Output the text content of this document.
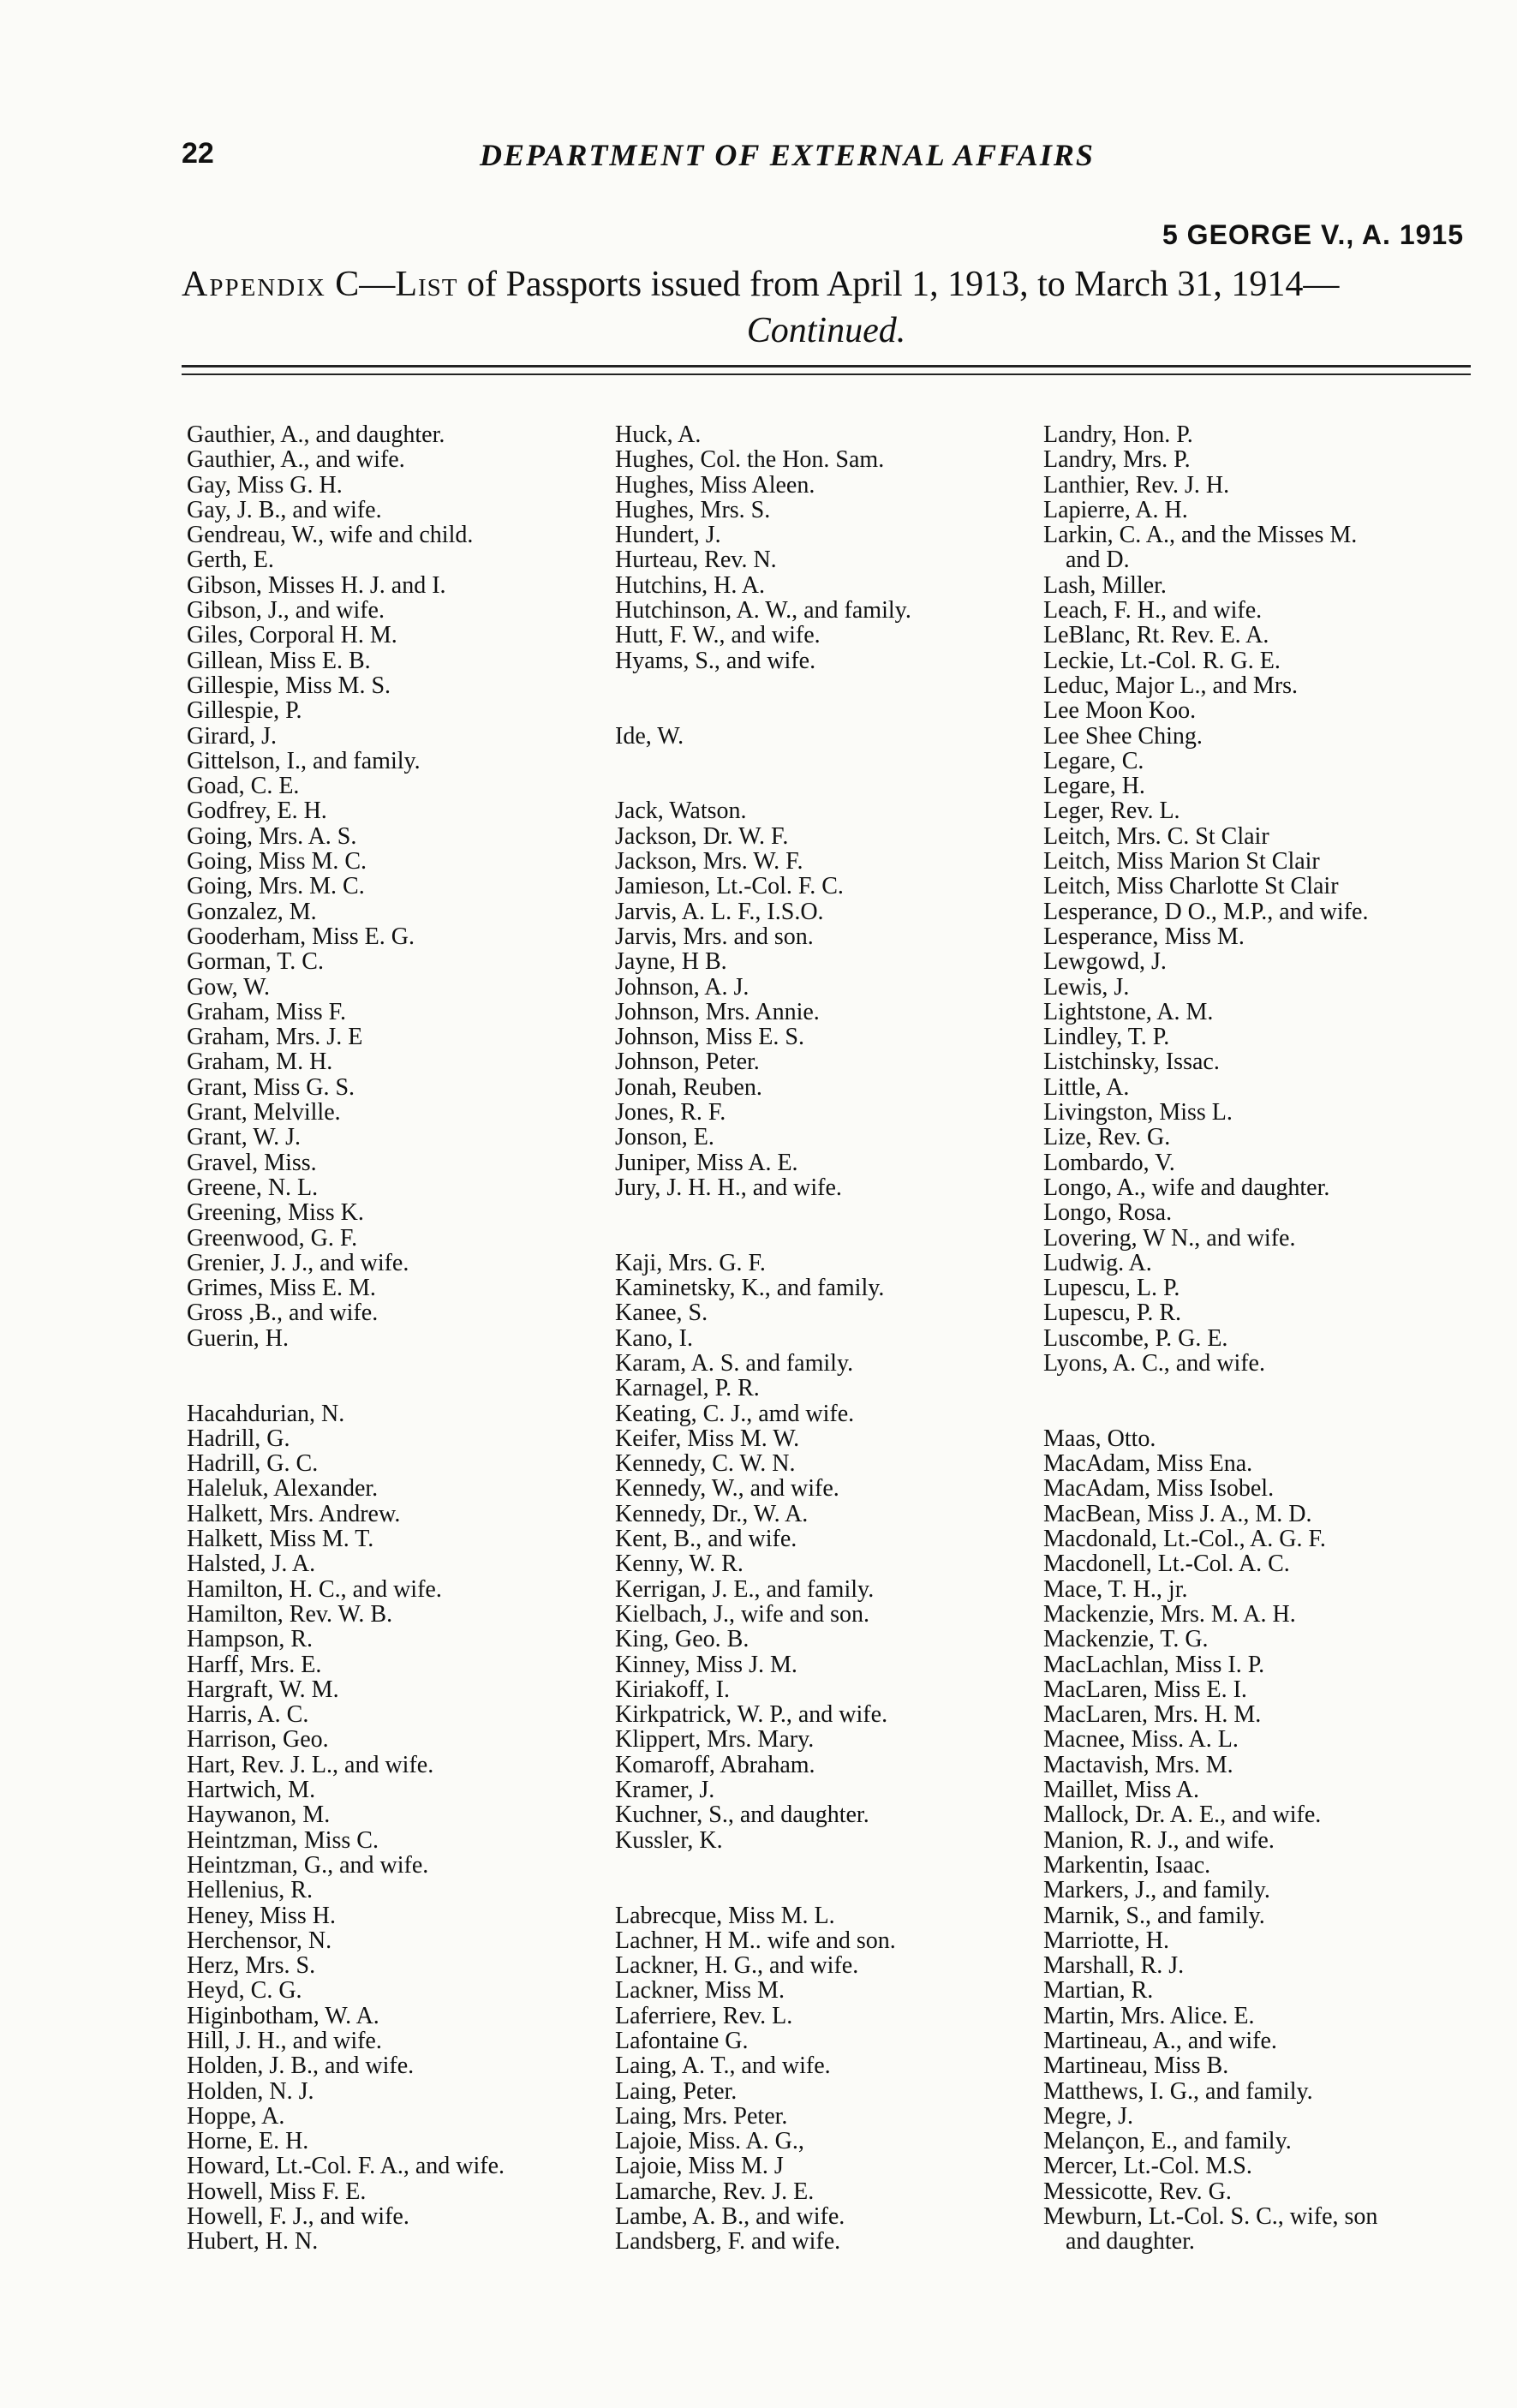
22	DEPARTMENT OF EXTERNAL AFFAIRS
5 GEORGE V., A. 1915
Appendix C—List of Passports issued from April 1, 1913, to March 31, 1914—
Continued.
Gauthier, A., and daughter.
Gauthier, A., and wife.
Gay, Miss G. H.
Gay, J. B., and wife.
Gendreau, W., wife and child.
Gerth, E.
Gibson, Misses H. J. and I.
Gibson, J., and wife.
Giles, Corporal H. M.
Gillean, Miss E. B.
Gillespie, Miss M. S.
Gillespie, P.
Girard, J.
Gittelson, I., and family.
Goad, C. E.
Godfrey, E. H.
Going, Mrs. A. S.
Going, Miss M. C.
Going, Mrs. M. C.
Gonzalez, M.
Gooderham, Miss E. G.
Gorman, T. C.
Gow, W.
Graham, Miss F.
Graham, Mrs. J. E
Graham, M. H.
Grant, Miss G. S.
Grant, Melville.
Grant, W. J.
Gravel, Miss.
Greene, N. L.
Greening, Miss K.
Greenwood, G. F.
Grenier, J. J., and wife.
Grimes, Miss E. M.
Gross ,B., and wife.
Guerin, H.
Hacahdurian, N.
Hadrill, G.
Hadrill, G. C.
Haleluk, Alexander.
Halkett, Mrs. Andrew.
Halkett, Miss M. T.
Halsted, J. A.
Hamilton, H. C., and wife.
Hamilton, Rev. W. B.
Hampson, R.
Harff, Mrs. E.
Hargraft, W. M.
Harris, A. C.
Harrison, Geo.
Hart, Rev. J. L., and wife.
Hartwich, M.
Haywanon, M.
Heintzman, Miss C.
Heintzman, G., and wife.
Hellenius, R.
Heney, Miss H.
Herchensor, N.
Herz, Mrs. S.
Heyd, C. G.
Higinbotham, W. A.
Hill, J. H., and wife.
Holden, J. B., and wife.
Holden, N. J.
Hoppe, A.
Horne, E. H.
Howard, Lt.-Col. F. A., and wife.
Howell, Miss F. E.
Howell, F. J., and wife.
Hubert, H. N.
Huck, A.
Hughes, Col. the Hon. Sam.
Hughes, Miss Aleen.
Hughes, Mrs. S.
Hundert, J.
Hurteau, Rev. N.
Hutchins, H. A.
Hutchinson, A. W., and family.
Hutt, F. W., and wife.
Hyams, S., and wife.
Ide, W.
Jack, Watson.
Jackson, Dr. W. F.
Jackson, Mrs. W. F.
Jamieson, Lt.-Col. F. C.
Jarvis, A. L. F., I.S.O.
Jarvis, Mrs. and son.
Jayne, H B.
Johnson, A. J.
Johnson, Mrs. Annie.
Johnson, Miss E. S.
Johnson, Peter.
Jonah, Reuben.
Jones, R. F.
Jonson, E.
Juniper, Miss A. E.
Jury, J. H. H., and wife.
Kaji, Mrs. G. F.
Kaminetsky, K., and family.
Kanee, S.
Kano, I.
Karam, A. S. and family.
Karnagel, P. R.
Keating, C. J., amd wife.
Keifer, Miss M. W.
Kennedy, C. W. N.
Kennedy, W., and wife.
Kennedy, Dr., W. A.
Kent, B., and wife.
Kenny, W. R.
Kerrigan, J. E., and family.
Kielbach, J., wife and son.
King, Geo. B.
Kinney, Miss J. M.
Kiriakoff, I.
Kirkpatrick, W. P., and wife.
Klippert, Mrs. Mary.
Komaroff, Abraham.
Kramer, J.
Kuchner, S., and daughter.
Kussler, K.
Labrecque, Miss M. L.
Lachner, H M.. wife and son.
Lackner, H. G., and wife.
Lackner, Miss M.
Laferriere, Rev. L.
Lafontaine G.
Laing, A. T., and wife.
Laing, Peter.
Laing, Mrs. Peter.
Lajoie, Miss. A. G.,
Lajoie, Miss M. J
Lamarche, Rev. J. E.
Lambe, A. B., and wife.
Landsberg, F. and wife.
Landry, Hon. P.
Landry, Mrs. P.
Lanthier, Rev. J. H.
Lapierre, A. H.
Larkin, C. A., and the Misses M.
and D.
Lash, Miller.
Leach, F. H., and wife.
LeBlanc, Rt. Rev. E. A.
Leckie, Lt.-Col. R. G. E.
Leduc, Major L., and Mrs.
Lee Moon Koo.
Lee Shee Ching.
Legare, C.
Legare, H.
Leger, Rev. L.
Leitch, Mrs. C. St Clair
Leitch, Miss Marion St Clair
Leitch, Miss Charlotte St Clair
Lesperance, D O., M.P., and wife.
Lesperance, Miss M.
Lewgowd, J.
Lewis, J.
Lightstone, A. M.
Lindley, T. P.
Listchinsky, Issac.
Little, A.
Livingston, Miss L.
Lize, Rev. G.
Lombardo, V.
Longo, A., wife and daughter.
Longo, Rosa.
Lovering, W N., and wife.
Ludwig. A.
Lupescu, L. P.
Lupescu, P. R.
Luscombe, P. G. E.
Lyons, A. C., and wife.
Maas, Otto.
MacAdam, Miss Ena.
MacAdam, Miss Isobel.
MacBean, Miss J. A., M. D.
Macdonald, Lt.-Col., A. G. F.
Macdonell, Lt.-Col. A. C.
Mace, T. H., jr.
Mackenzie, Mrs. M. A. H.
Mackenzie, T. G.
MacLachlan, Miss I. P.
MacLaren, Miss E. I.
MacLaren, Mrs. H. M.
Macnee, Miss. A. L.
Mactavish, Mrs. M.
Maillet, Miss A.
Mallock, Dr. A. E., and wife.
Manion, R. J., and wife.
Markentin, Isaac.
Markers, J., and family.
Marnik, S., and family.
Marriotte, H.
Marshall, R. J.
Martian, R.
Martin, Mrs. Alice. E.
Martineau, A., and wife.
Martineau, Miss B.
Matthews, I. G., and family.
Megre, J.
Melançon, E., and family.
Mercer, Lt.-Col. M.S.
Messicotte, Rev. G.
Mewburn, Lt.-Col. S. C., wife, son
and daughter.
